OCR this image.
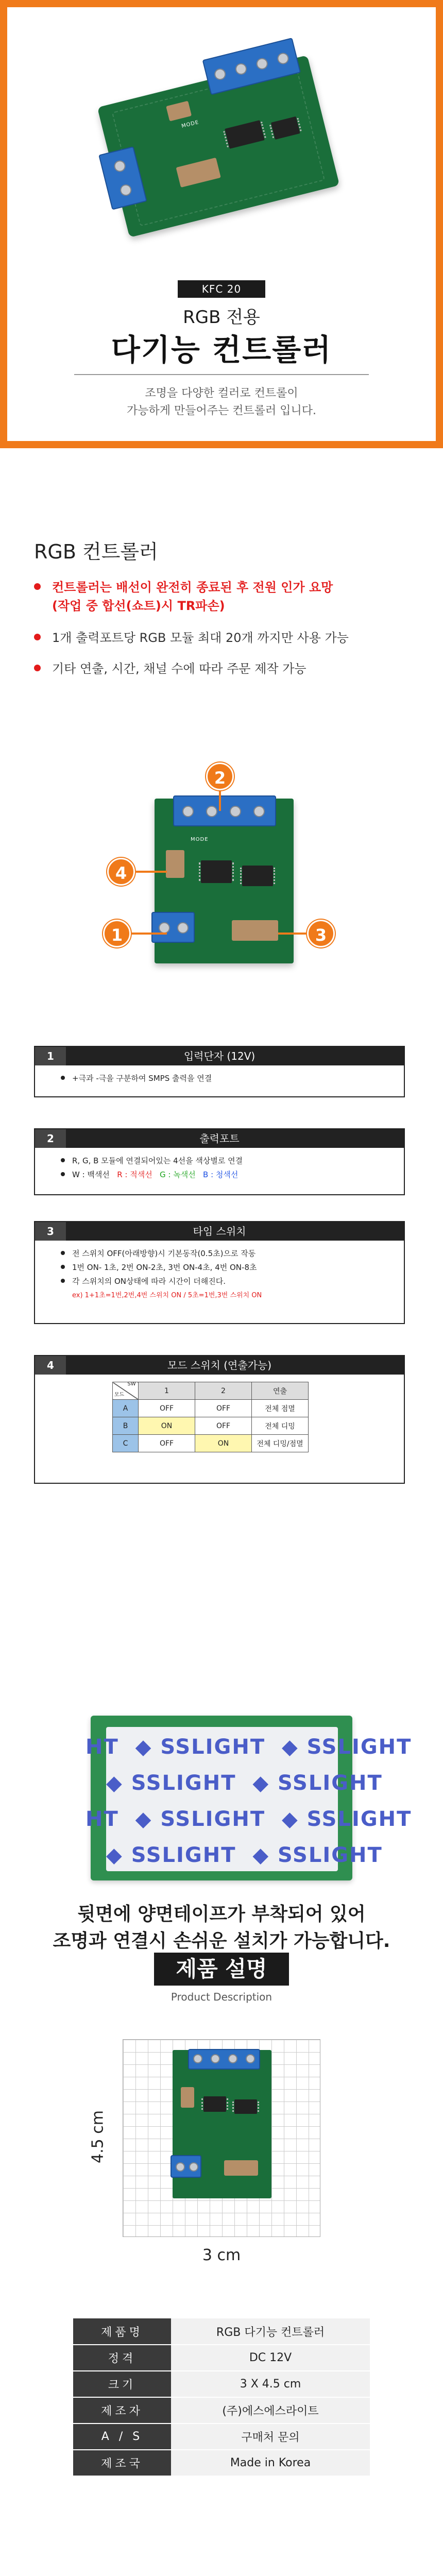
MODE
KFC 20
RGB 전용
다기능 컨트롤러
조명을 다양한 컬러로 컨트롤이
가능하게 만들어주는 컨트롤러 입니다.
RGB 컨트롤러
컨트롤러는 배선이 완전히 종료된 후 전원 인가 요망
(작업 중 합선(쇼트)시 TR파손)
1개 출력포트당 RGB 모듈 최대 20개 까지만 사용 가능
기타 연출, 시간, 채널 수에 따라 주문 제작 가능
MODE
2
4
1	3
입력단자 (12V)
1
+극과 -극을 구분하여 SMPS 출력을 연결
출력포트
2
R, G, B 모듈에 연결되어있는 4선을 색상별로 연결
W : 백색선 R : 적색선 G : 녹색선 B : 청색선
타임 스위치
3
전 스위치 OFF(아래방향)시 기본동작(0.5초)으로 작동
1번 ON- 1초, 2번 ON-2초, 3번 ON-4초, 4번 ON-8초
각 스위치의 ON상태에 따라 시간이 더해진다.
ex) 1+1초=1번,2번,4번 스위치 ON / 5초=1번,3번 스위치 ON
모드 스위치 (연출가능)
4
SW
모드	1	2	연출
A	OFF	OFF	전체 점멸
B	ON	OFF	전체 디밍
C	OFF	ON	전체 디밍/점멸
HT  ◆ SSLIGHT  ◆ SSLIGHT
◆ SSLIGHT  ◆ SSLIGHT
HT  ◆ SSLIGHT  ◆ SSLIGHT
◆ SSLIGHT  ◆ SSLIGHT
뒷면에 양면테이프가 부착되어 있어
조명과 연결시 손쉬운 설치가 가능합니다.
제품 설명
Product Description
4.5 cm
3 cm
제품명	RGB 다기능 컨트롤러
정격	DC 12V
크기	3 X 4.5 cm
제조자	(주)에스에스라이트
A / S	구매처 문의
제조국	Made in Korea
